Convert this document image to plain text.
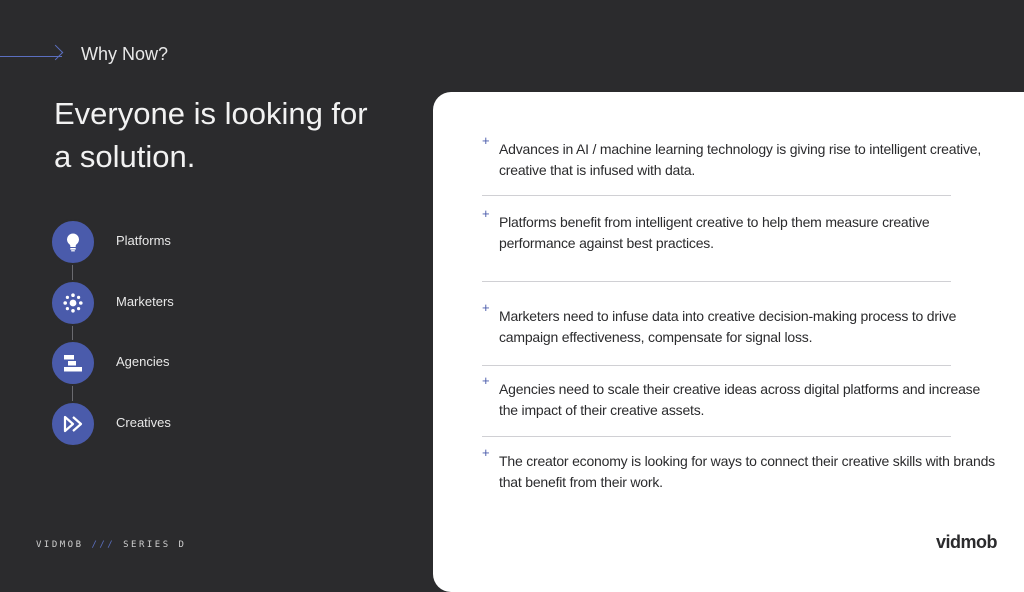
Why Now?
Everyone is looking for a solution.
Platforms
Marketers
Agencies
Creatives
VIDMOB /// SERIES D
+
Advances in AI / machine learning technology is giving rise to intelligent creative, creative that is infused with data.
+
Platforms benefit from intelligent creative to help them measure creative performance against best practices.
+
Marketers need to infuse data into creative decision-making process to drive campaign effectiveness, compensate for signal loss.
+
Agencies need to scale their creative ideas across digital platforms and increase the impact of their creative assets.
+
The creator economy is looking for ways to connect their creative skills with brands that benefit from their work.
vidmob
